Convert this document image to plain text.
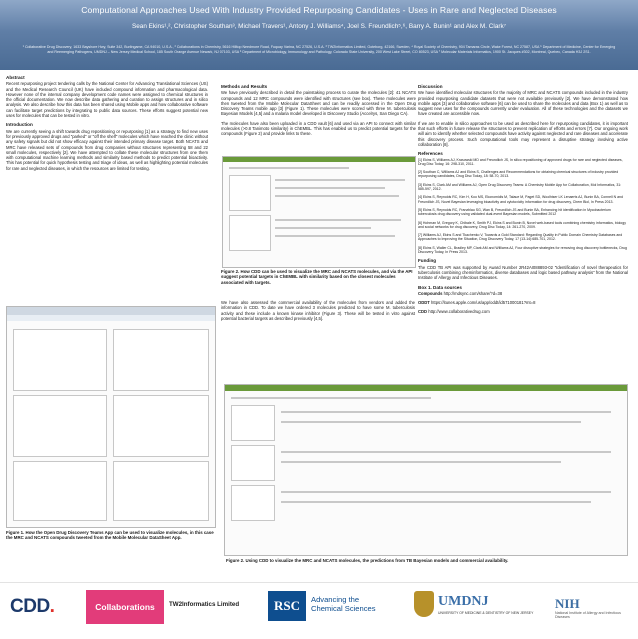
Computational Approaches Used With Industry Provided Repurposing Candidates - Uses in Rare and Neglected Diseases
Sean Ekins¹,², Christopher Southan³, Michael Travers¹, Antony J. Williams⁴, Joel S. Freundlich⁵,⁶, Barry A. Bunin¹ and Alex M. Clark⁷
¹ Collaborative Drug Discovery, 1633 Bayshore Hwy, Suite 342, Burlingame, CA 94010, U.S.A., ² Collaborations in Chemistry, 5616 Hilltop Needmore Road, Fuquay Varina, NC 27526, U.S.A. ³ TW2Informatics Limited, Goteborg, 42166, Sweden, ⁴ Royal Society of Chemistry, 904 Tamaras Circle, Wake Forest, NC 27587, USA ⁵ Department of Medicine, Center for Emerging and Reemerging Pathogens, UMDNJ – New Jersey Medical School, 185 South Orange Avenue Newark, NJ 07103, USA ⁶ Department of Microbiology, Immunology and Pathology, Colorado State University, 200 West Lake Street, CO 80523, USA ⁷ Molecular Materials Informatics, 1900 St. Jacques #302, Montreal, Quebec, Canada H3J 2S1.
Abstract

Recent repurposing project tendering calls by the National Center for Advancing Translational Sciences (US) and the Medical Research Council (UK) have included compound information and pharmacological data. However none of the internal company development code names were assigned to chemical structures in the official documentation. We now describe data gathering and curation to assign structures and in silico analysis. We also describe how this data has been shared using Mobile apps and how collaborative software can facilitate target predictions by integrating to public data sources. These efforts suggest potential new uses for molecules that can be tested in vitro.

Introduction

We are currently seeing a shift towards drug repositioning or repurposing [1] as a strategy to find new uses for previously approved drugs and "parked" or "off the shelf" molecules which have reached the clinic without any safety signals but did not show efficacy against their intended primary disease target. Both NCATS and MRC have released sets of compounds from drug companies without structures representing 58 and 22 small molecules, respectively [2]. We have attempted to collate these molecular structures from one them with computational machine learning methods and similarity based methods to predict potential bioactivity. This has potential for quick hypothesis testing and triage of ideas, as well as highlighting potential molecules for rare and neglected diseases, in which the resources are limited for testing.

Figure 1. How the Open Drug Discovery Teams App can be used to visualize molecules, in this case the MRC and NCATS compounds tweeted from the Mobile Molecular DataSheet App.
Methods and Results

We have previously described in detail the painstaking process to curate the molecules [2]: 41 NCATS compounds and 12 MRC compounds were identified with structures (see box). These molecules were then tweeted from the Mobile Molecular DataSheet and can be readily accessed in the Open Drug Discovery Teams mobile app [3] (Figure 1). These molecules were scored with three M. tuberculosis Bayesian Models [4,5] and a malaria model developed in Discovery Studio (Accelrys, San Diego CA).

The molecules have also been uploaded in a CDD vault [6] and used via an API to connect with similar molecules (>0.8 Tanimoto similarity) in ChEMBL. This has enabled us to predict potential targets for the compounds (Figure 2) and provide links to these.

Figure 2. How CDD can be used to visualize the MRC and NCATS molecules, and via the API suggest potential targets in ChEMBL with similarity based on the closest molecules associated with targets.
We have also assessed the commercial availability of the molecules from vendors and added the information in CDD. To date we have ordered 3 molecules predicted to have some M. tuberculosis activity and these include a known kinase inhibitor (Figure 3). These will be tested in vitro against potential bacterial targets as described previously [4,5].
Discussion

We have identified molecular structures for the majority of MRC and NCATS compounds included in the industry provided repurposing candidate datasets that were not available previously [2]. We have demonstrated how mobile apps [3] and collaborative software [6] can be used to share the molecules and data (Box 1) as well as to suggest new uses for the compounds currently under evaluation. All of these technologies and the datasets we have created are accessible now.

If we are to enable in silico approaches to be used as described here for repurposing candidates, it is important that such efforts in future release the structures to prevent replication of efforts and errors [7]. Our ongoing work will aim to identify whether selected compounds have activity against neglected and rare diseases and accelerate this discovery process. Such computational tools may represent a disruptive strategy involving active collaboration [8].

References

[1] Ekins S, Williams AJ, Krasowski MD and Freundlich JS, In silico repositioning of approved drugs for rare and neglected diseases, Drug Disc Today, 16: 298-310, 2011.

[2] Southan C, Williams AJ and Ekins S, Challenges and Recommendations for obtaining chemical structures of industry provided repurposing candidates, Drug Disc Today, 18: 58-70, 2013.

[3] Ekins S, Clark AM and Williams AJ, Open Drug Discovery Teams: A Chemistry Mobile App for Collaboration, Mol Informatics, 31: 585-597, 2012.

[4] Ekins S, Reynolds RC, Kim H, Koo MS, Ekonomidis M, Talaue M, Paget SD, Woolhiser LK Lenaerts AJ, Bunin BA, Connell N and Freundlich JS, Novel Bayesian leveraging bioactivity and cytotoxicity information for drug discovery, Chem Biol, In Press 2013.

[5] Ekins S, Reynolds RC, Franzblau SG, Wan B, Freundlich JS and Bunin BA, Enhancing hit identification in Mycobacterium tuberculosis drug discovery using validated dual-event Bayesian models, Submitted 2012

[6] Hohman M, Gregory K, Chibale K, Smith PJ, Ekins S and Bunin B, Novel web-based tools combining chemistry informatics, biology and social networks for drug discovery, Drug Disc Today, 14: 261-270, 2009.

[7] Williams AJ, Ekins S and Tkachenko V, Towards a Gold Standard: Regarding Quality in Public Domain Chemistry Databases and Approaches to Improving the Situation, Drug Discovery Today, 17 (13-14):685-701, 2012.

[8] Ekins S, Waller CL, Bradley MP, Clark AM and Williams AJ, Four disruptive strategies for removing drug discovery bottlenecks, Drug Discovery Today, In Press 2013.

Funding

The CDD TB API was supported by Award Number 2R42AI088893-02 "Identification of novel therapeutics for tuberculosis combining cheminformatics, diverse databases and logic based pathway analysis" from the National Institute of Allergy and Infectious Diseases.

Box 1. Data sources

Compounds http://mdsync.com/share/?d=38

ODDT https://itunes.apple.com/us/app/oddt/id571000181?mt=8

CDD http://www.collaborativedrug.com

Figure 2. Using CDD to visualize the MRC and NCATS molecules, the predictions from TB Bayesian models and commercial availability.
CDD.	Collaborations	TW2Informatics Limited	RSC	Advancing the Chemical Sciences	UMDNJ
UNIVERSITY OF MEDICINE & DENTISTRY OF NEW JERSEY
NIH
National Institute of Allergy and Infectious Diseases
